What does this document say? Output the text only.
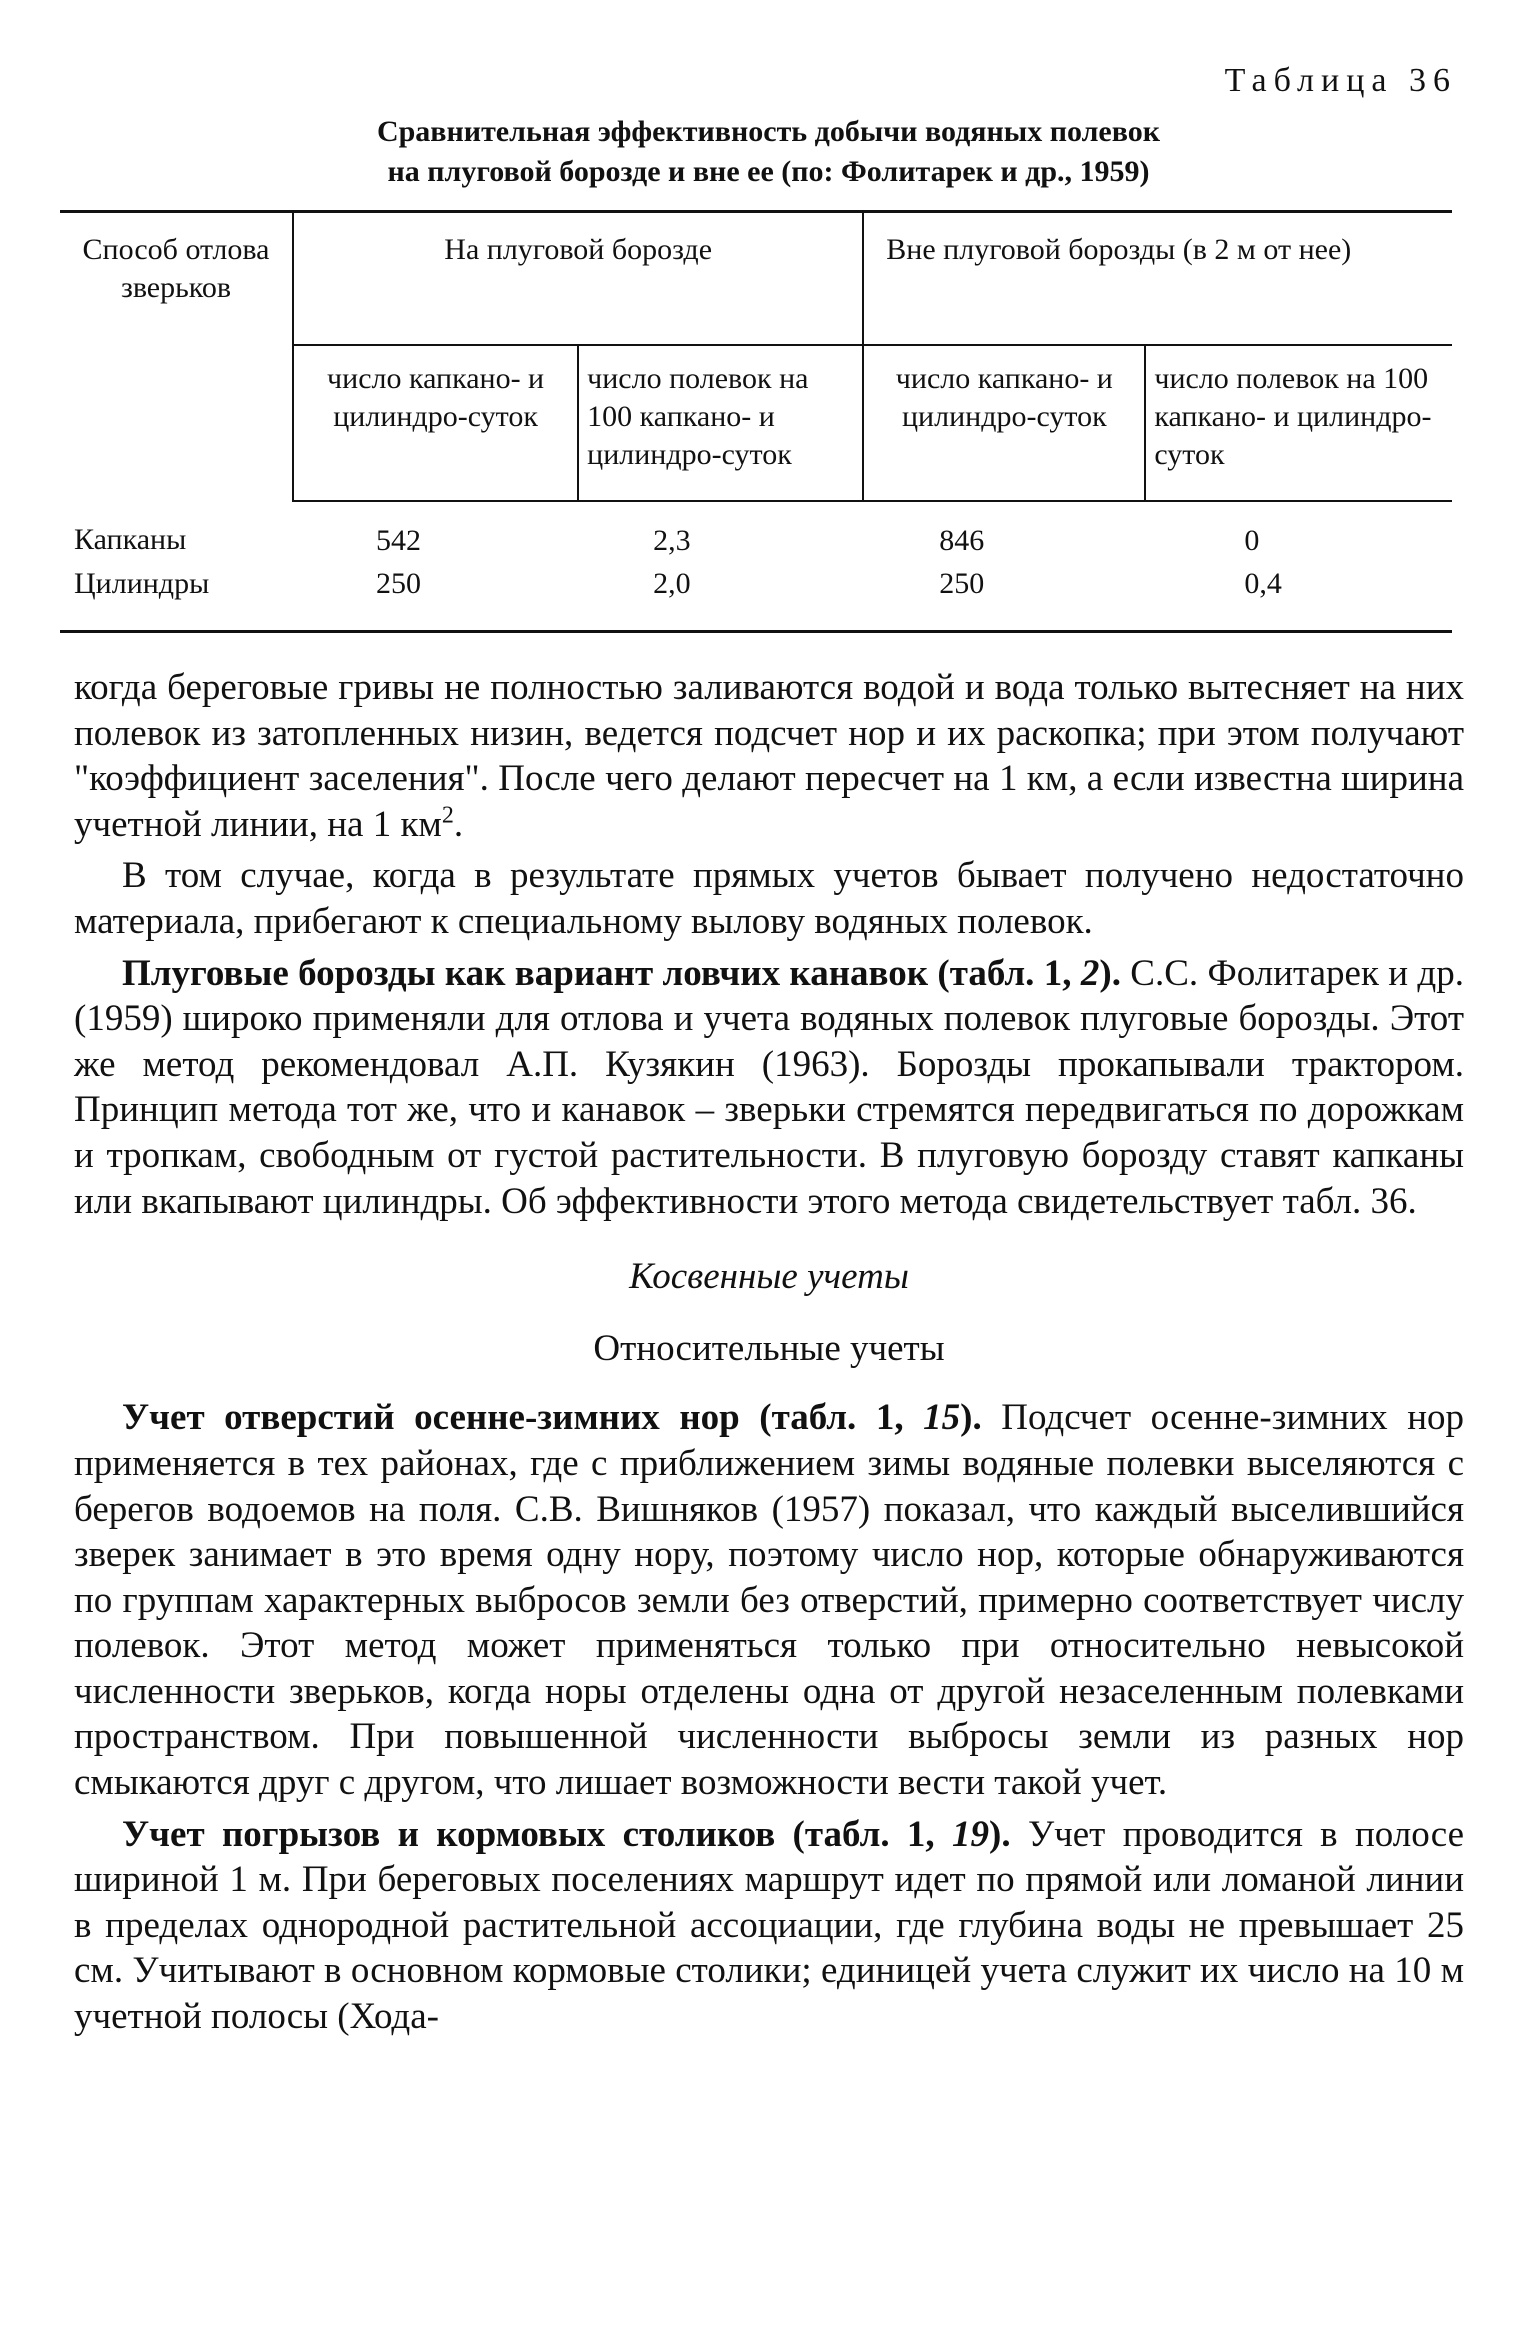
Таблица 36
Сравнительная эффективность добычи водяных полевок
на плуговой борозде и вне ее (по: Фолитарек и др., 1959)
Способ отлова зверьков	На плуговой борозде		Вне плуговой борозды (в 2 м от нее)	
	число капкано- и цилиндро-суток	число полевок на 100 капкано- и цилиндро-суток	число капкано- и цилиндро-суток	число полевок на 100 капкано- и цилиндро-суток
Капканы	542	2,3	846	0
Цилиндры	250	2,0	250	0,4

когда береговые гривы не полностью заливаются водой и вода только вытесняет на них полевок из затопленных низин, ведется подсчет нор и их раскопка; при этом получают "коэффициент заселения". После чего делают пересчет на 1 км, а если известна ширина учетной линии, на 1 $км^2$.

В том случае, когда в результате прямых учетов бывает получено недостаточно материала, прибегают к специальному вылову водяных полевок.

Плуговые борозды как вариант ловчих канавок (табл. 1, 2). С.С. Фолитарек и др. (1959) широко применяли для отлова и учета водяных полевок плуговые борозды. Этот же метод рекомендовал А.П. Кузякин (1963). Борозды прокапывали трактором. Принцип метода тот же, что и канавок – зверьки стремятся передвигаться по дорожкам и тропкам, свободным от густой растительности. В плуговую борозду ставят капканы или вкапывают цилиндры. Об эффективности этого метода свидетельствует табл. 36.

Косвенные учеты

Относительные учеты

Учет отверстий осенне-зимних нор (табл. 1, 15). Подсчет осенне-зимних нор применяется в тех районах, где с приближением зимы водяные полевки выселяются с берегов водоемов на поля. С.В. Вишняков (1957) показал, что каждый выселившийся зверек занимает в это время одну нору, поэтому число нор, которые обнаруживаются по группам характерных выбросов земли без отверстий, примерно соответствует числу полевок. Этот метод может применяться только при относительно невысокой численности зверьков, когда норы отделены одна от другой незаселенным полевками пространством. При повышенной численности выбросы земли из разных нор смыкаются друг с другом, что лишает возможности вести такой учет.

Учет погрызов и кормовых столиков (табл. 1, 19). Учет проводится в полосе шириной 1 м. При береговых поселениях маршрут идет по прямой или ломаной линии в пределах однородной растительной ассоциации, где глубина воды не превышает 25 см. Учитывают в основном кормовые столики; единицей учета служит их число на 10 м учетной полосы (Хода-
